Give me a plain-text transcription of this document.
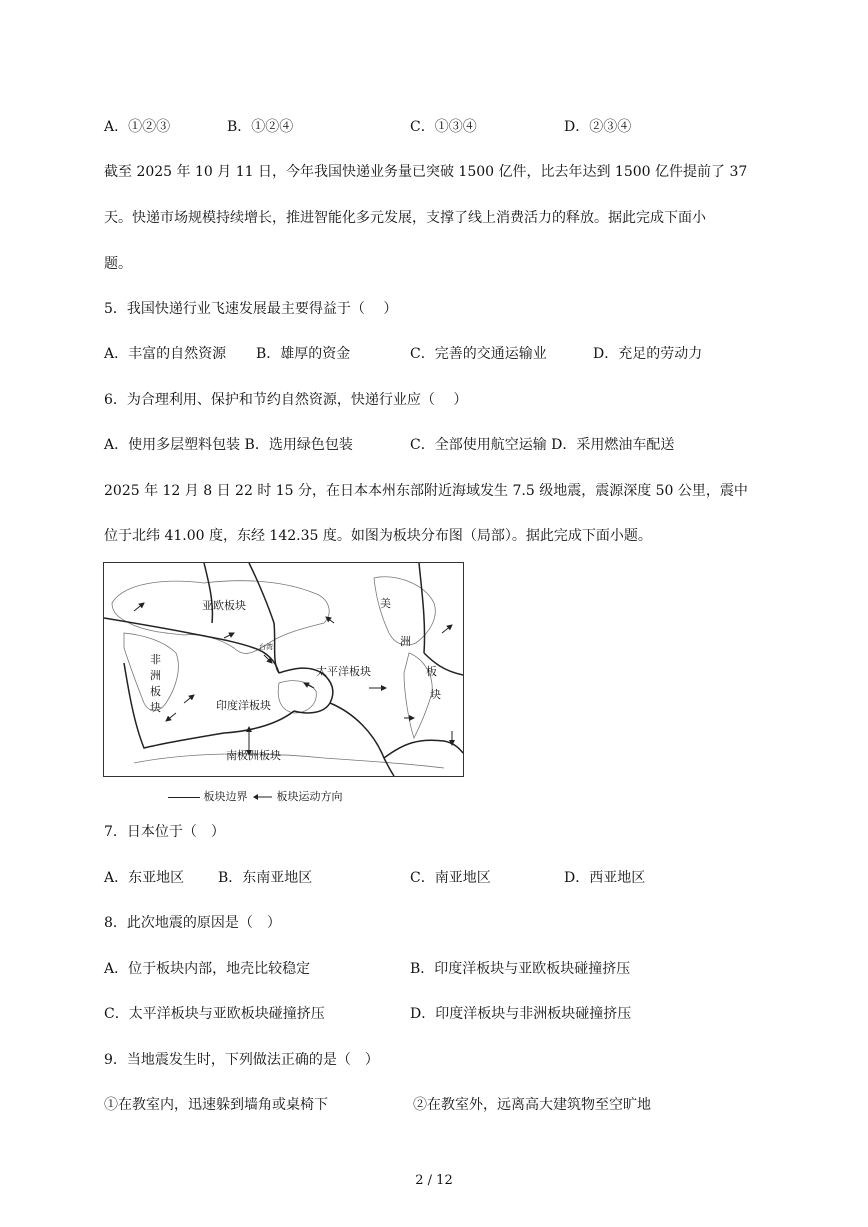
A．①②③	B．①②④	C．①③④	D．②③④
截至 2025 年 10 月 11 日，今年我国快递业务量已突破 1500 亿件，比去年达到 1500 亿件提前了 37
天。快递市场规模持续增长，推进智能化多元发展，支撑了线上消费活力的释放。据此完成下面小
题。
5．我国快递行业飞速发展最主要得益于（　 ）
A．丰富的自然资源 B．雄厚的资金	C．完善的交通运输业	D．充足的劳动力
6．为合理利用、保护和节约自然资源，快递行业应（　 ）
A．使用多层塑料包装 B．选用绿色包装	C．全部使用航空运输 D．采用燃油车配送
2025 年 12 月 8 日 22 时 15 分，在日本本州东部附近海域发生 7.5 级地震，震源深度 50 公里，震中
位于北纬 41.00 度，东经 142.35 度。如图为板块分布图（局部）。据此完成下面小题。
亚欧板块	美
洲
板
块
非
洲
板
块
太平洋板块
印度洋板块
南极洲板块
台湾
板块边界	板块运动方向
7．日本位于（　）
A．东亚地区 B．东南亚地区	C．南亚地区	D．西亚地区
8．此次地震的原因是（　）
A．位于板块内部，地壳比较稳定	B．印度洋板块与亚欧板块碰撞挤压
C．太平洋板块与亚欧板块碰撞挤压	D．印度洋板块与非洲板块碰撞挤压
9．当地震发生时，下列做法正确的是（　）
①在教室内，迅速躲到墙角或桌椅下	②在教室外，远离高大建筑物至空旷地
2 / 12
